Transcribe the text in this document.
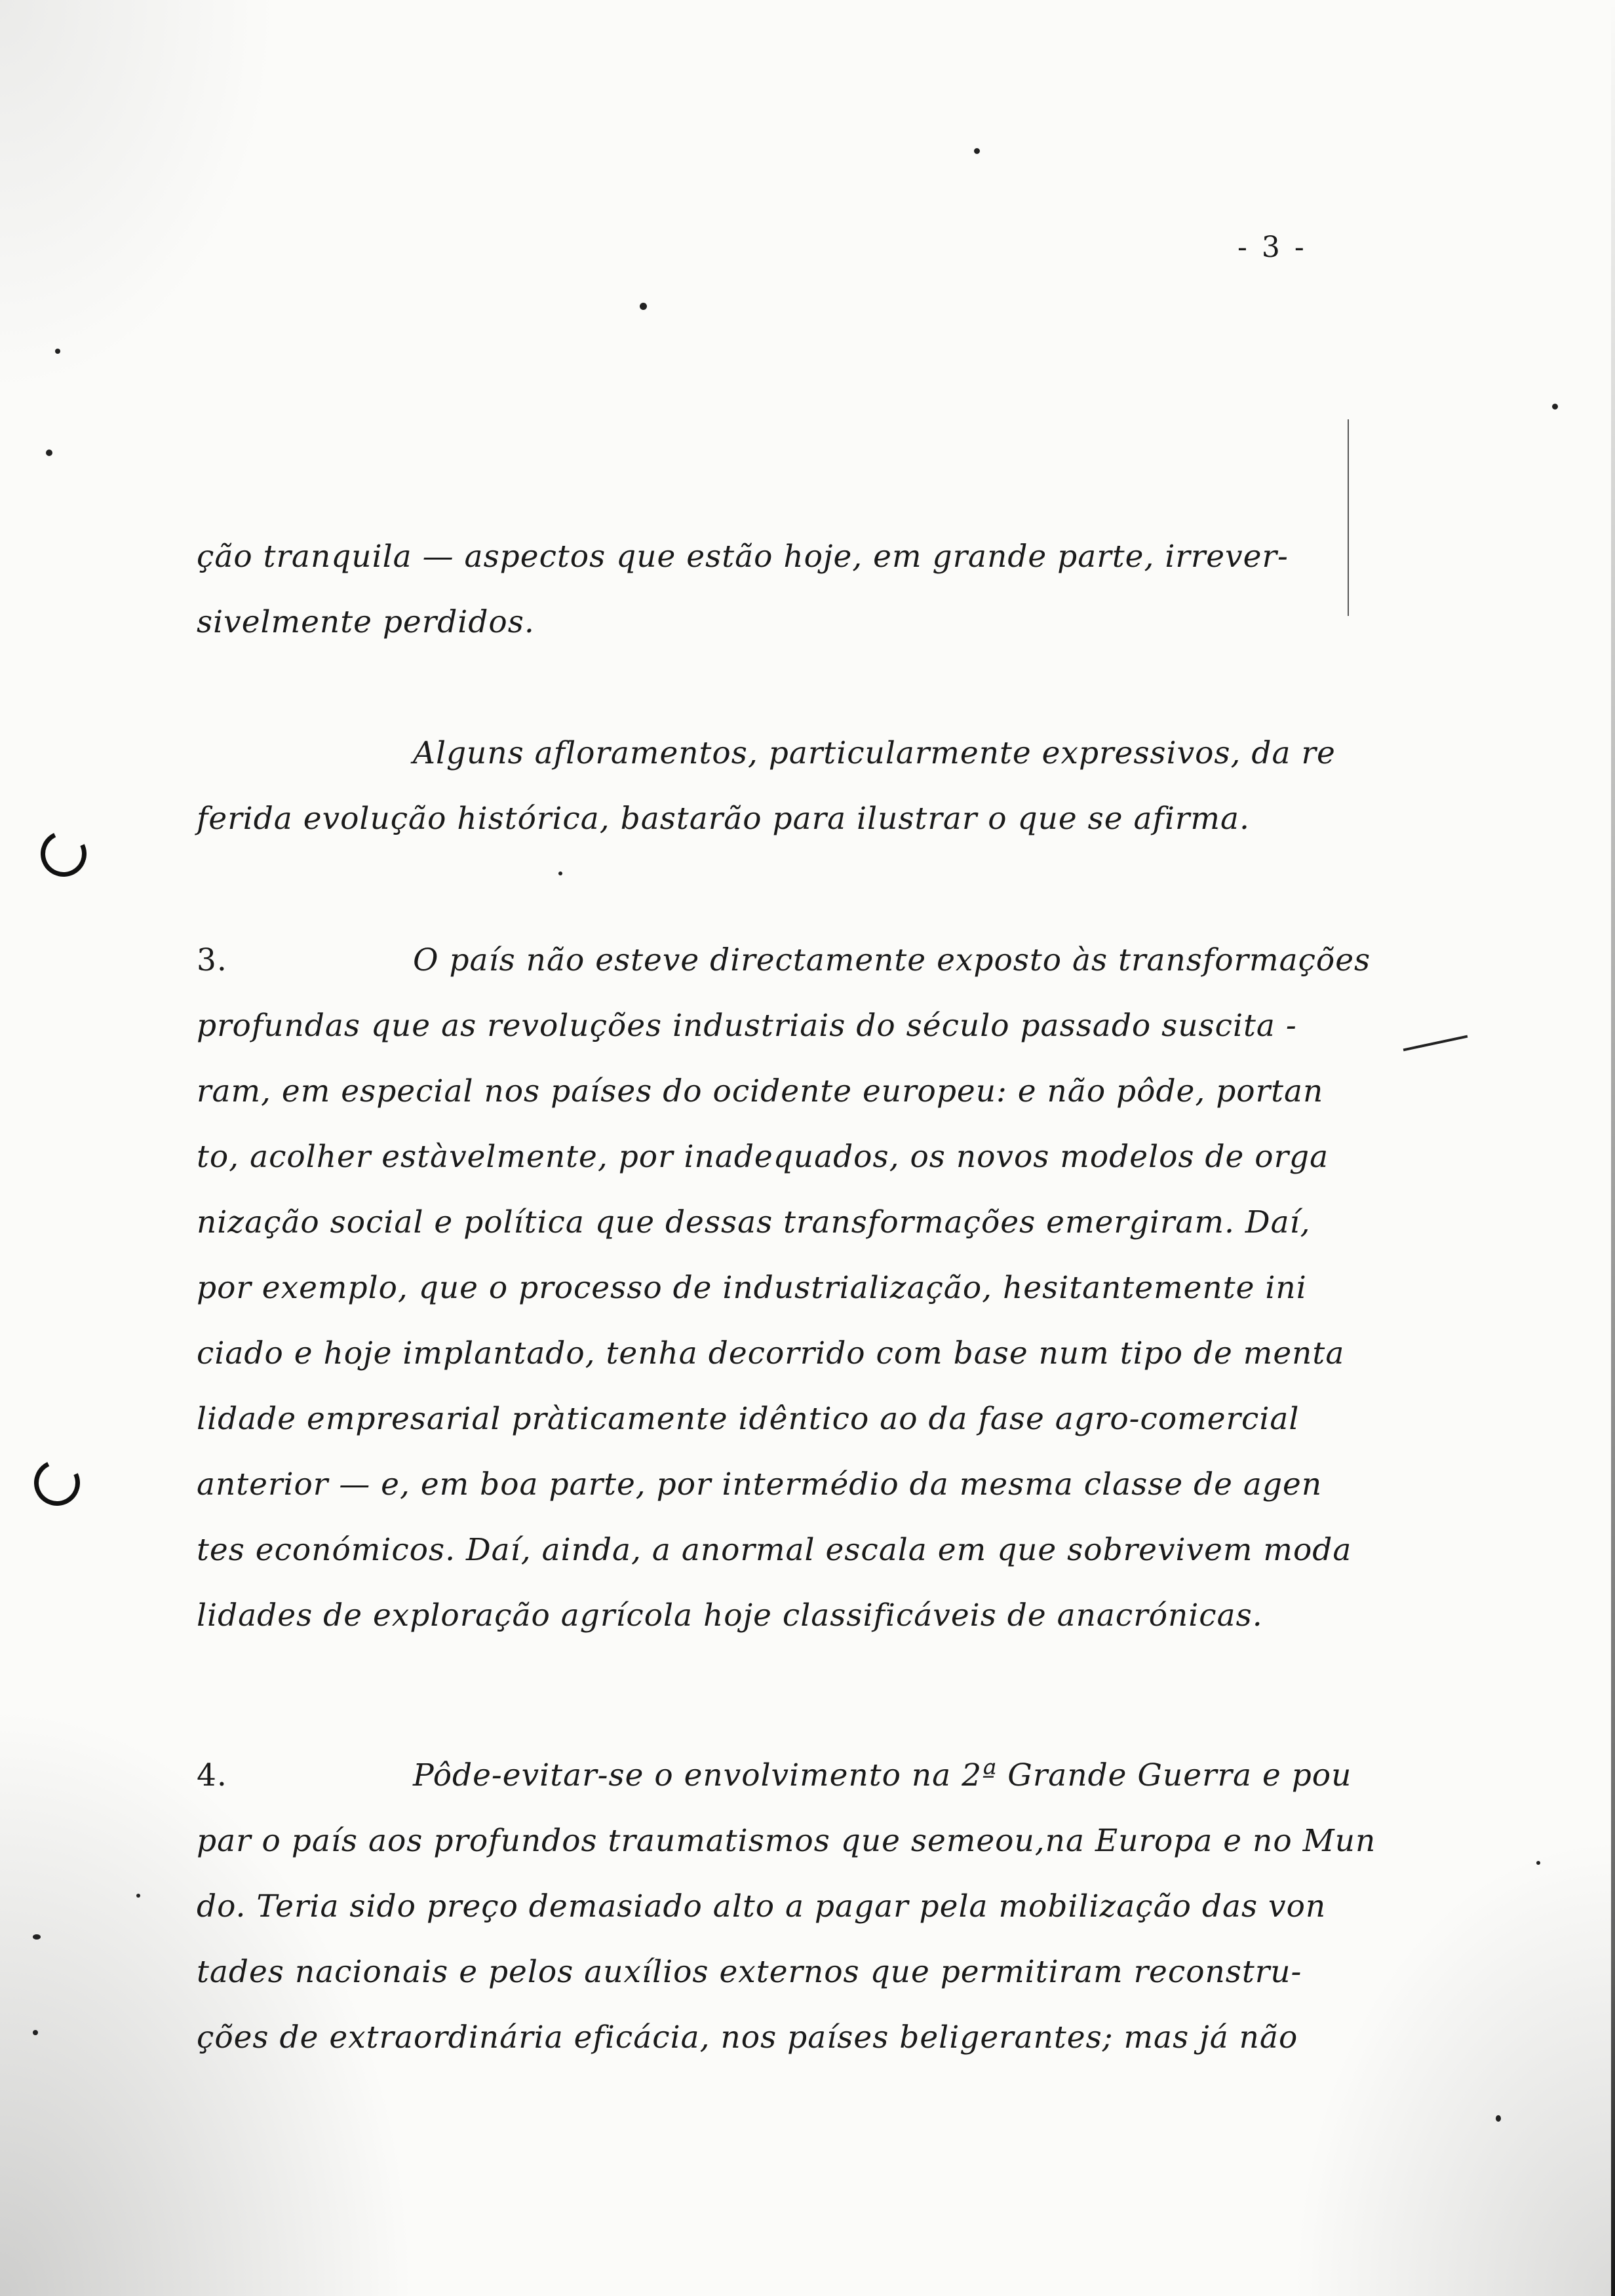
- 3 -

ção tranquila — aspectos que estão hoje, em grande parte, irrever-
sivelmente perdidos.

Alguns afloramentos, particularmente expressivos, da re
ferida evolução histórica, bastarão para ilustrar o que se afirma.

3.	O país não esteve directamente exposto às transformações
profundas que as revoluções industriais do século passado suscita -
ram, em especial nos países do ocidente europeu: e não pôde, portan
to, acolher estàvelmente, por inadequados, os novos modelos de orga
nização social e política que dessas transformações emergiram. Daí,
por exemplo, que o processo de industrialização, hesitantemente ini
ciado e hoje implantado, tenha decorrido com base num tipo de menta
lidade empresarial pràticamente idêntico ao da fase agro-comercial
anterior — e, em boa parte, por intermédio da mesma classe de agen
tes económicos. Daí, ainda, a anormal escala em que sobrevivem moda
lidades de exploração agrícola hoje classificáveis de anacrónicas.

4.	Pôde-evitar-se o envolvimento na 2ª Grande Guerra e pou
par o país aos profundos traumatismos que semeou,na Europa e no Mun
do. Teria sido preço demasiado alto a pagar pela mobilização das von
tades nacionais e pelos auxílios externos que permitiram reconstru-
ções de extraordinária eficácia, nos países beligerantes; mas já não
